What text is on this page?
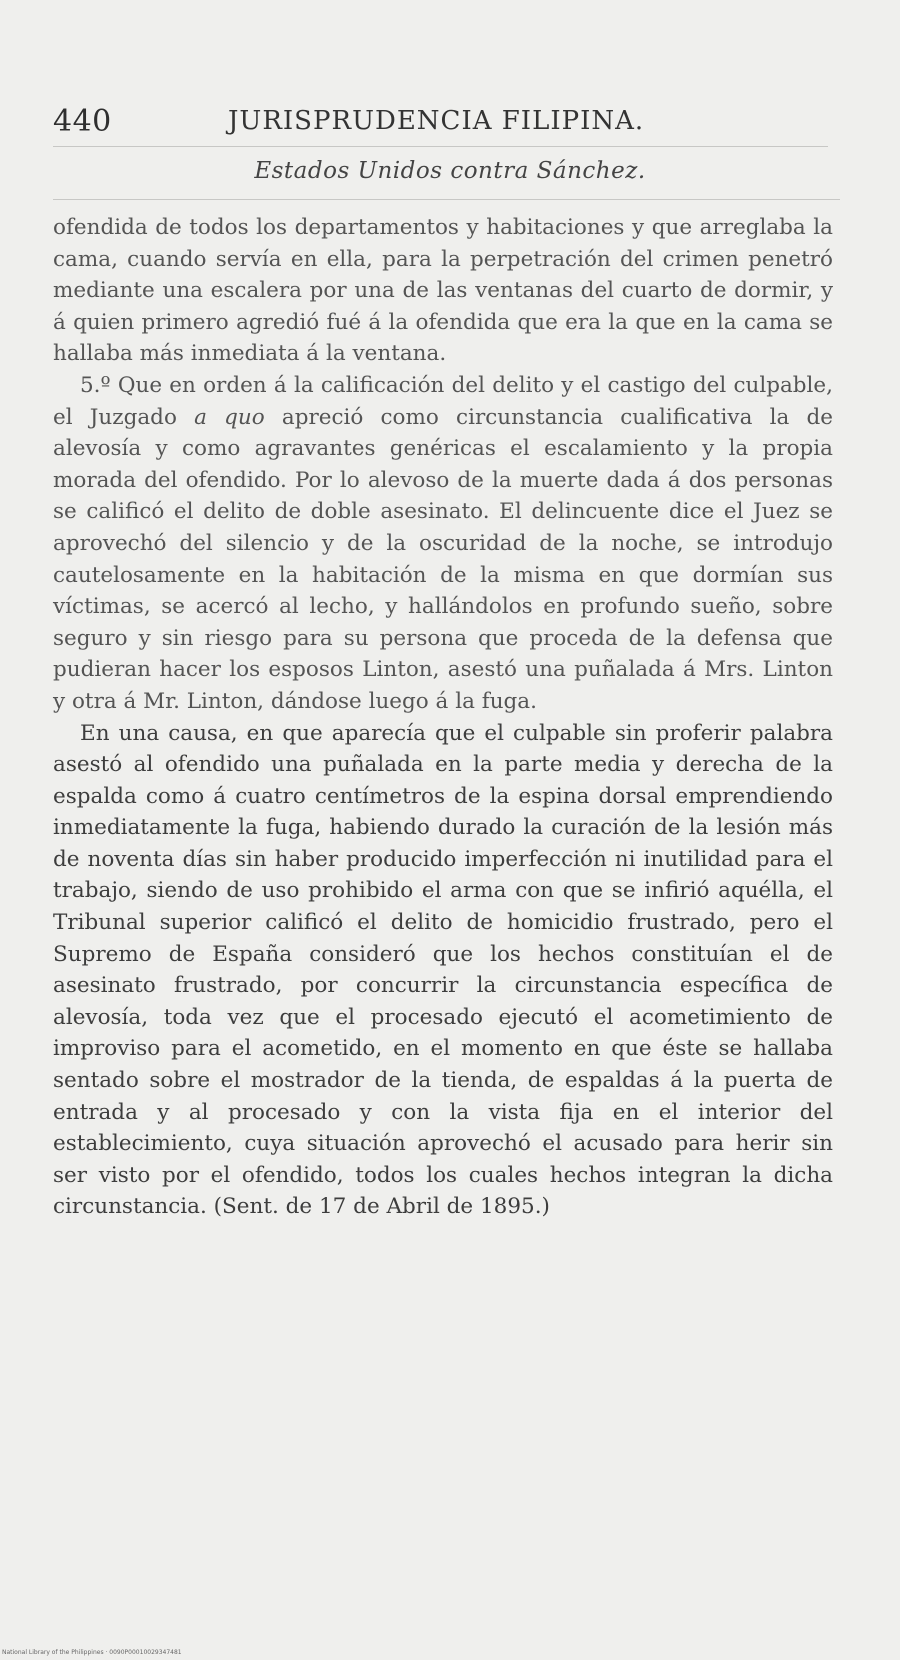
440	JURISPRUDENCIA FILIPINA.
Estados Unidos contra Sánchez.

ofendida de todos los departamentos y habitaciones y que arreglaba la cama, cuando servía en ella, para la perpetración del crimen penetró mediante una escalera por una de las ventanas del cuarto de dormir, y á quien primero agredió fué á la ofendida que era la que en la cama se hallaba más inmediata á la ventana.

5.º Que en orden á la calificación del delito y el castigo del culpable, el Juzgado a quo apreció como circunstancia cualificativa la de alevosía y como agravantes genéricas el escalamiento y la propia morada del ofendido. Por lo alevoso de la muerte dada á dos personas se calificó el delito de doble asesinato. El delincuente dice el Juez se aprovechó del silencio y de la oscuridad de la noche, se introdujo cautelosamente en la habitación de la misma en que dormían sus víctimas, se acercó al lecho, y hallándolos en profundo sueño, sobre seguro y sin riesgo para su persona que proceda de la defensa que pudieran hacer los esposos Linton, asestó una puñalada á Mrs. Linton y otra á Mr. Linton, dándose luego á la fuga.

En una causa, en que aparecía que el culpable sin proferir palabra asestó al ofendido una puñalada en la parte media y derecha de la espalda como á cuatro centímetros de la espina dorsal emprendiendo inmediatamente la fuga, habiendo durado la curación de la lesión más de noventa días sin haber producido imperfección ni inutilidad para el trabajo, siendo de uso prohibido el arma con que se infirió aquélla, el Tribunal superior calificó el delito de homicidio frustrado, pero el Supremo de España consideró que los hechos constituían el de asesinato frustrado, por concurrir la circunstancia específica de alevosía, toda vez que el procesado ejecutó el acometimiento de improviso para el acometido, en el momento en que éste se hallaba sentado sobre el mostrador de la tienda, de espaldas á la puerta de entrada y al procesado y con la vista fija en el interior del establecimiento, cuya situación aprovechó el acusado para herir sin ser visto por el ofendido, todos los cuales hechos integran la dicha circunstancia. (Sent. de 17 de Abril de 1895.)

National Library of the Philippines · 0090P00010029347481
